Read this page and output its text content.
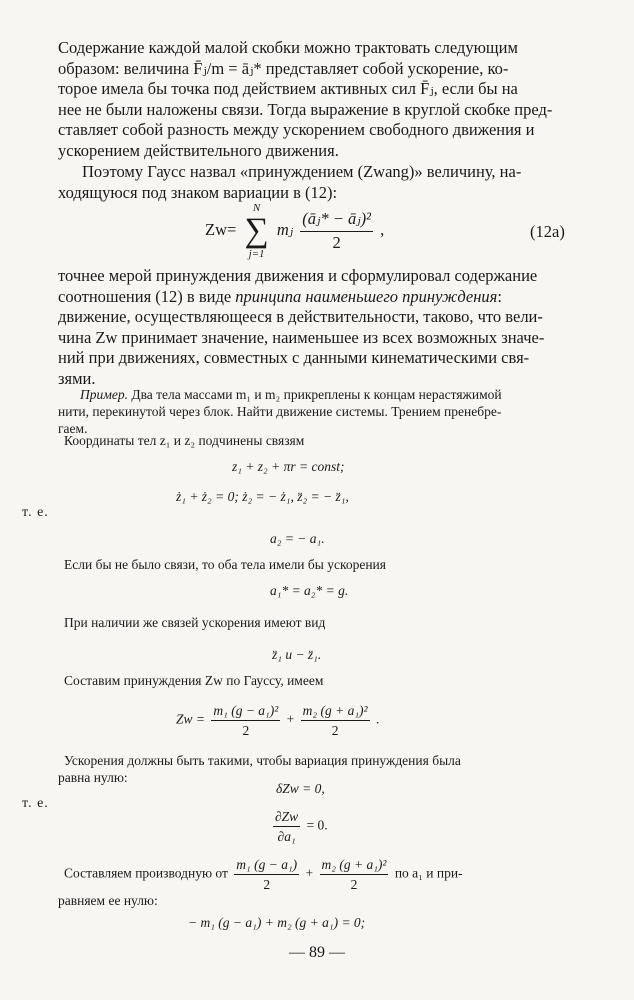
Содержание каждой малой скобки можно трактовать следующим
образом: величина F̄ⱼ/m = āⱼ* представляет собой ускорение, ко-
торое имела бы точка под действием активных сил F̄ⱼ, если бы на
нее не были наложены связи. Тогда выражение в круглой скобке пред-
ставляет собой разность между ускорением свободного движения и
ускорением действительного движения.
Поэтому Гаусс назвал «принуждением (Zwang)» величину, на-
ходящуюся под знаком вариации в (12):
Zw=
N
∑
j=1
mⱼ $\frac{\text{(āⱼ* − āⱼ)²}}{2}$ ,	(12a)
точнее мерой принуждения движения и сформулировал содержание
соотношения (12) в виде принципа наименьшего принуждения:
движение, осуществляющееся в действительности, таково, что вели-
чина Zw принимает значение, наименьшее из всех возможных значе-
ний при движениях, совместных с данными кинематическими свя-
зями.
Пример. Два тела массами m₁ и m₂ прикреплены к концам нерастяжимой
нити, перекинутой через блок. Найти движение системы. Трением пренебре-
гаем.
Координаты тел z₁ и z₂ подчинены связям
z₁ + z₂ + πr = const;
ż₁ + ż₂ = 0; ż₂ = − ż₁, z̈₂ = − z̈₁,
т. е.
a₂ = − a₁.
Если бы не было связи, то оба тела имели бы ускорения
a₁* = a₂* = g.
При наличии же связей ускорения имеют вид
z̈₁ и − z̈₁.
Составим принуждения Zw по Гауссу, имеем
$Zw = \frac{\text{m₁ (g − a₁)²}}{2} + \frac{\text{m₂ (g + a₁)²}}{2}$ .
Ускорения должны быть такими, чтобы вариация принуждения была
равна нулю:
δZw = 0,
т. е.
$\frac{\partial Zw}{\text{∂a₁}} = 0$.
Составляем производную от $\frac{\text{m₁ (g − a₁)}}{2} + \frac{\text{m₂ (g + a₁)²}}{2}$ по a₁ и при-
равняем ее нулю:
− m₁ (g − a₁) + m₂ (g + a₁) = 0;
— 89 —
